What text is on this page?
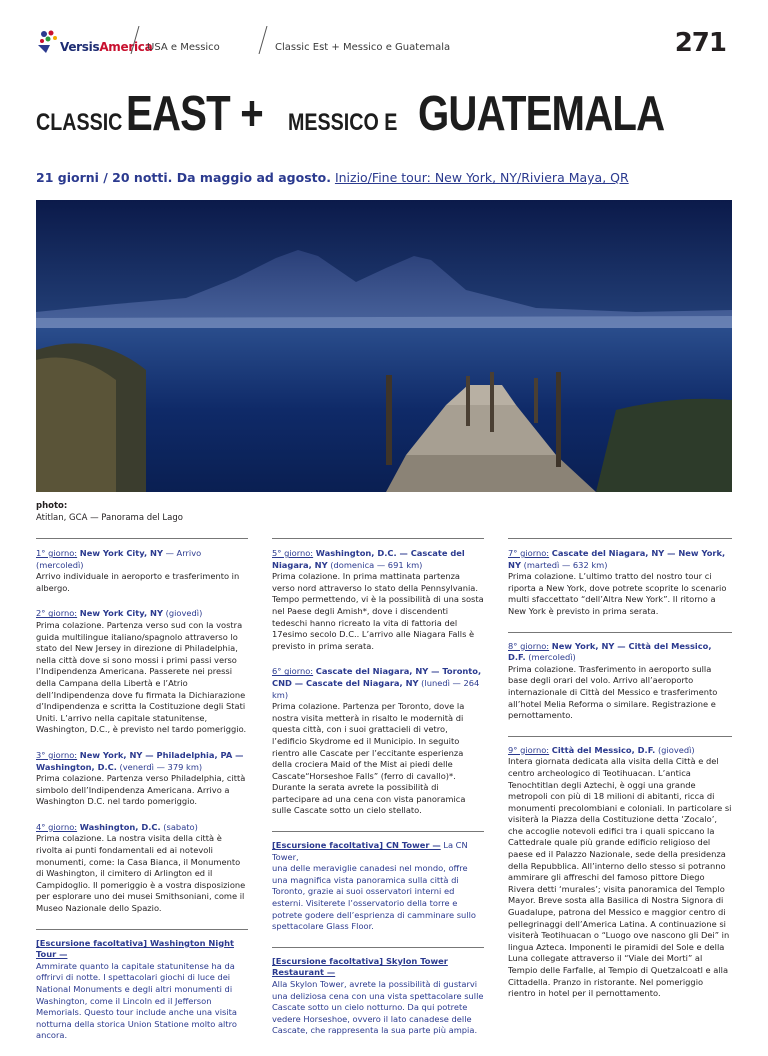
VersisAmerica
USA e Messico	Classic Est + Messico e Guatemala	271
CLASSICEAST + MESSICO E GUATEMALA
21 giorni / 20 notti. Da maggio ad agosto. Inizio/Fine tour: New York, NY/Riviera Maya, QR
photo:
Atitlan, GCA — Panorama del Lago

1° giorno: New York City, NY — Arrivo (mercoledì)

Arrivo individuale in aeroporto e trasferimento in albergo.

2° giorno: New York City, NY (giovedì)

Prima colazione. Partenza verso sud con la vostra guida multilingue italiano/spagnolo attraverso lo stato del New Jersey in direzione di Philadelphia, nella città dove si sono mossi i primi passi verso l’Indipendenza Americana. Passerete nei pressi della Campana della Libertà e l’Atrio dell’Indipendenza dove fu firmata la Dichiarazione d’Indipendenza e scritta la Costituzione degli Stati Uniti. L’arrivo nella capitale statunitense, Washington, D.C., è previsto nel tardo pomeriggio.

3° giorno: New York, NY — Philadelphia, PA — Washington, D.C. (venerdì — 379 km)

Prima colazione. Partenza verso Philadelphia, città simbolo dell’Indipendenza Americana. Arrivo a Washington D.C. nel tardo pomeriggio.

4° giorno: Washington, D.C. (sabato)

Prima colazione. La nostra visita della città è rivolta ai punti fondamentali ed ai notevoli monumenti, come: la Casa Bianca, il Monumento di Washington, il cimitero di Arlington ed il Campidoglio. Il pomeriggio è a vostra disposizione per esplorare uno dei musei Smithsoniani, come il Museo Nazionale dello Spazio.

[Escursione facoltativa] Washington Night Tour —

Ammirate quanto la capitale statunitense ha da offrirvi di notte. I spettacolari giochi di luce dei National Monuments e degli altri monumenti di Washington, come il Lincoln ed il Jefferson Memorials. Questo tour include anche una visita notturna della storica Union Statione molto altro ancora.

5° giorno: Washington, D.C. — Cascate del Niagara, NY (domenica — 691 km)

Prima colazione. In prima mattinata partenza verso nord attraverso lo stato della Pennsylvania. Tempo permettendo, vi è la possibilità di una sosta nel Paese degli Amish*, dove i discendenti tedeschi hanno ricreato la vita di fattoria del 17esimo secolo D.C.. L’arrivo alle Niagara Falls è previsto in prima serata.

6° giorno: Cascate del Niagara, NY — Toronto, CND — Cascate del Niagara, NY (lunedì — 264 km)

Prima colazione. Partenza per Toronto, dove la nostra visita metterà in risalto le modernità di questa città, con i suoi grattacieli di vetro, l’edificio Skydrome ed il Municipio. In seguito rientro alle Cascate per l’eccitante esperienza della crociera Maid of the Mist ai piedi delle Cascate“Horseshoe Falls” (ferro di cavallo)*. Durante la serata avrete la possibilità di partecipare ad una cena con vista panoramica sulle Cascate sotto un cielo stellato.

[Escursione facoltativa] CN Tower — La CN Tower,

una delle meraviglie canadesi nel mondo, offre una magnifica vista panoramica sulla città di Toronto, grazie ai suoi osservatori interni ed esterni. Visiterete l’osservatorio della torre e potrete godere dell’esprienza di camminare sullo spettacolare Glass Floor.

[Escursione facoltativa] Skylon Tower Restaurant —

Alla Skylon Tower, avrete la possibilità di gustarvi una deliziosa cena con una vista spettacolare sulle Cascate sotto un cielo notturno. Da qui potrete vedere Horseshoe, ovvero il lato canadese delle Cascate, che rappresenta la sua parte più ampia.

7° giorno: Cascate del Niagara, NY — New York, NY (martedì — 632 km)

Prima colazione. L’ultimo tratto del nostro tour ci riporta a New York, dove potrete scoprite lo scenario multi sfaccettato “dell’Altra New York”. Il ritorno a New York è previsto in prima serata.

8° giorno: New York, NY — Città del Messico, D.F. (mercoledì)

Prima colazione. Trasferimento in aeroporto sulla base degli orari del volo. Arrivo all’aeroporto internazionale di Città del Messico e trasferimento all’hotel Melia Reforma o similare. Registrazione e pernottamento.

9° giorno: Città del Messico, D.F. (giovedì)

Intera giornata dedicata alla visita della Città e del centro archeologico di Teotihuacan. L’antica Tenochtitlan degli Aztechi, è oggi una grande metropoli con più di 18 milioni di abitanti, ricca di monumenti precolombiani e coloniali. In particolare si visiterà la Piazza della Costituzione detta ‘Zocalo’, che accoglie notevoli edifici tra i quali spiccano la Cattedrale quale più grande edificio religioso del paese ed il Palazzo Nazionale, sede della presidenza della Repubblica. All’interno dello stesso si potranno ammirare gli affreschi del famoso pittore Diego Rivera detti ‘murales’; visita panoramica del Templo Mayor. Breve sosta alla Basilica di Nostra Signora di Guadalupe, patrona del Messico e maggior centro di pellegrinaggi dell’America Latina. A continuazione si visiterà Teotihuacan o “Luogo ove nascono gli Dei” in lingua Azteca. Imponenti le piramidi del Sole e della Luna collegate attraverso il “Viale dei Morti” al Tempio delle Farfalle, al Tempio di Quetzalcoatl e alla Cittadella. Pranzo in ristorante. Nel pomeriggio rientro in hotel per il pernottamento.
